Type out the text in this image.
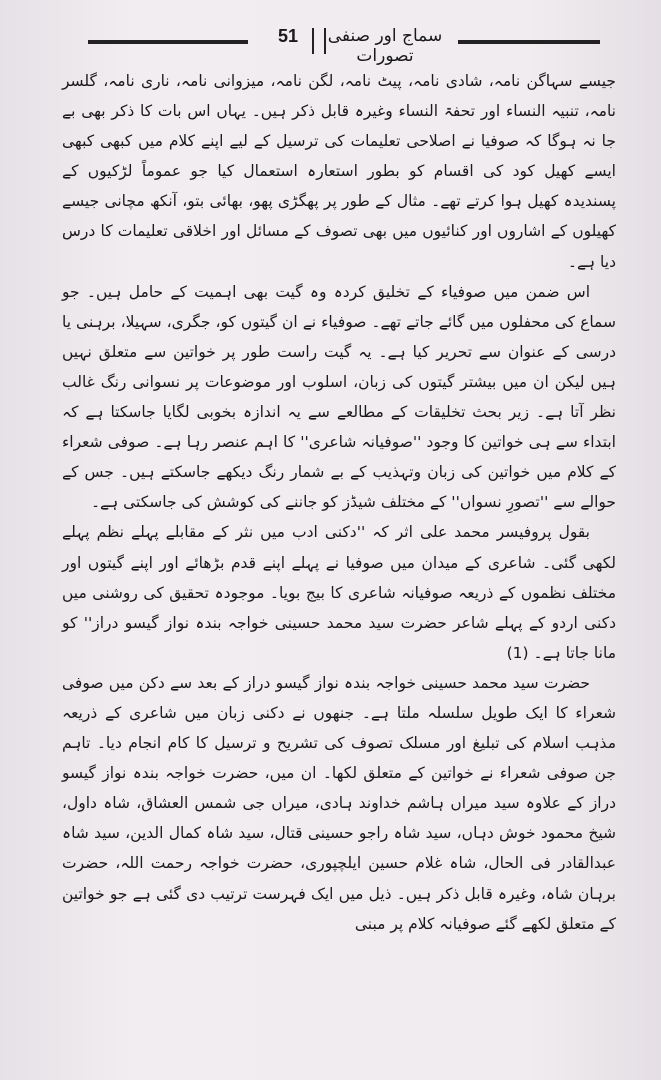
51	سماج اور صنفی تصورات

جیسے سہاگن نامہ، شادی نامہ، پیٹ نامہ، لگن نامہ، میزوانی نامہ، ناری نامہ، گلسر نامہ، تنبیہ النساء اور تحفۃ النساء وغیرہ قابل ذکر ہیں۔ یہاں اس بات کا ذکر بھی بے جا نہ ہوگا کہ صوفیا نے اصلاحی تعلیمات کی ترسیل کے لیے اپنے کلام میں کبھی کبھی ایسے کھیل کود کی اقسام کو بطور استعارہ استعمال کیا جو عموماً لڑکیوں کے پسندیدہ کھیل ہوا کرتے تھے۔ مثال کے طور پر پھگڑی پھو، بھائی بتو، آنکھ مچانی جیسے کھیلوں کے اشاروں اور کنائیوں میں بھی تصوف کے مسائل اور اخلاقی تعلیمات کا درس دیا ہے۔

اس ضمن میں صوفیاء کے تخلیق کردہ وہ گیت بھی اہمیت کے حامل ہیں۔ جو سماع کی محفلوں میں گائے جاتے تھے۔ صوفیاء نے ان گیتوں کو، جگری، سہیلا، برہنی یا درسی کے عنوان سے تحریر کیا ہے۔ یہ گیت راست طور پر خواتین سے متعلق نہیں ہیں لیکن ان میں بیشتر گیتوں کی زبان، اسلوب اور موضوعات پر نسوانی رنگ غالب نظر آتا ہے۔ زیر بحث تخلیقات کے مطالعے سے یہ اندازہ بخوبی لگایا جاسکتا ہے کہ ابتداء سے ہی خواتین کا وجود ''صوفیانہ شاعری'' کا اہم عنصر رہا ہے۔ صوفی شعراء کے کلام میں خواتین کی زبان وتہذیب کے بے شمار رنگ دیکھے جاسکتے ہیں۔ جس کے حوالے سے ''تصورِ نسواں'' کے مختلف شیڈز کو جاننے کی کوشش کی جاسکتی ہے۔

بقول پروفیسر محمد علی اثر کہ ''دکنی ادب میں نثر کے مقابلے پہلے نظم پہلے لکھی گئی۔ شاعری کے میدان میں صوفیا نے پہلے اپنے قدم بڑھائے اور اپنے گیتوں اور مختلف نظموں کے ذریعہ صوفیانہ شاعری کا بیج بویا۔ موجودہ تحقیق کی روشنی میں دکنی اردو کے پہلے شاعر حضرت سید محمد حسینی خواجہ بندہ نواز گیسو دراز'' کو مانا جاتا ہے۔ (1)

حضرت سید محمد حسینی خواجہ بندہ نواز گیسو دراز کے بعد سے دکن میں صوفی شعراء کا ایک طویل سلسلہ ملتا ہے۔ جنھوں نے دکنی زبان میں شاعری کے ذریعہ مذہب اسلام کی تبلیغ اور مسلک تصوف کی تشریح و ترسیل کا کام انجام دیا۔ تاہم جن صوفی شعراء نے خواتین کے متعلق لکھا۔ ان میں، حضرت خواجہ بندہ نواز گیسو دراز کے علاوہ سید میراں ہاشم خداوند ہادی، میراں جی شمس العشاق، شاہ داول، شیخ محمود خوش دہاں، سید شاہ راجو حسینی قتال، سید شاہ کمال الدین، سید شاہ عبدالقادر فی الحال، شاہ غلام حسین ایلچپوری، حضرت خواجہ رحمت اللہ، حضرت برہان شاہ، وغیرہ قابل ذکر ہیں۔ ذیل میں ایک فہرست ترتیب دی گئی ہے جو خواتین کے متعلق لکھے گئے صوفیانہ کلام پر مبنی
